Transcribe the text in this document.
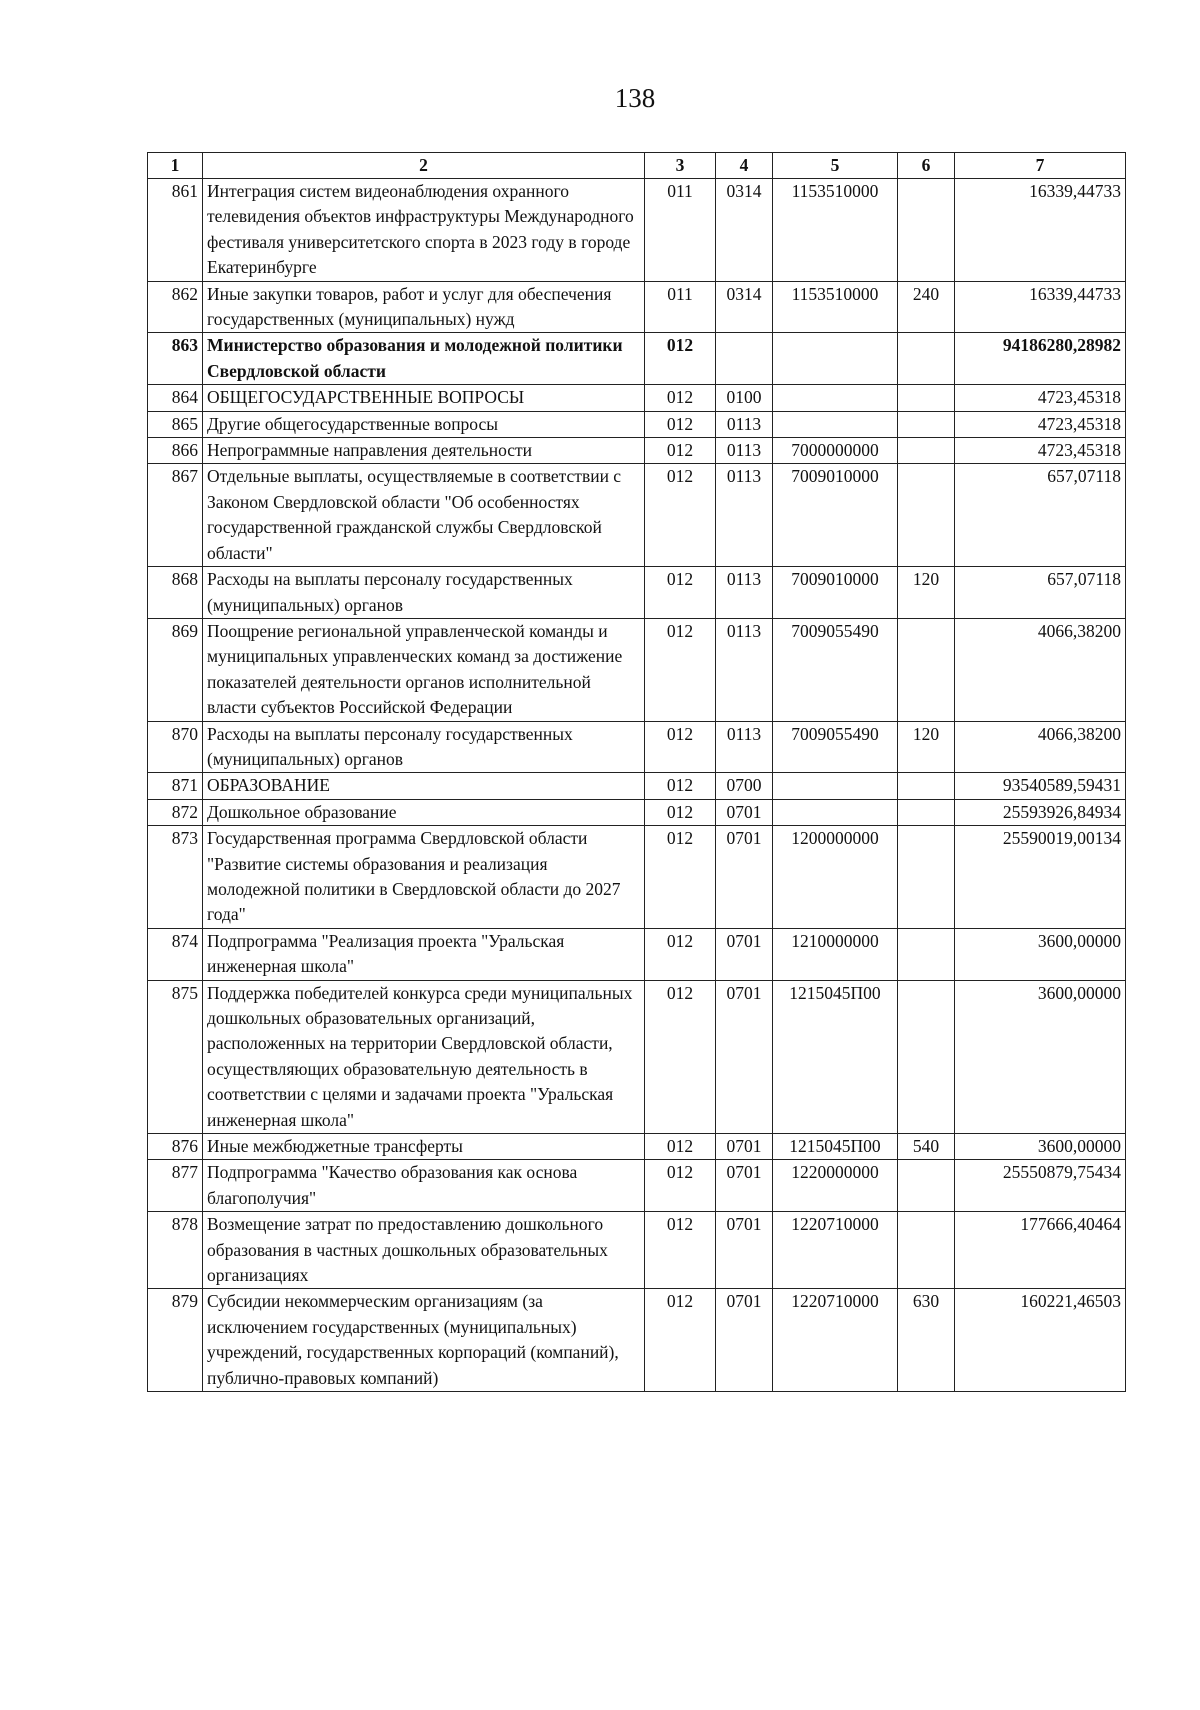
138
1	2	3	4	5	6	7
861	Интеграция систем видеонаблюдения охранного телевидения объектов инфраструктуры Международного фестиваля университетского спорта в 2023 году в городе Екатеринбурге	011	0314	1153510000		16339,44733
862	Иные закупки товаров, работ и услуг для обеспечения государственных (муниципальных) нужд	011	0314	1153510000	240	16339,44733
863	Министерство образования и молодежной политики Свердловской области	012				94186280,28982
864	ОБЩЕГОСУДАРСТВЕННЫЕ ВОПРОСЫ	012	0100			4723,45318
865	Другие общегосударственные вопросы	012	0113			4723,45318
866	Непрограммные направления деятельности	012	0113	7000000000		4723,45318
867	Отдельные выплаты, осуществляемые в соответствии с Законом Свердловской области "Об особенностях государственной гражданской службы Свердловской области"	012	0113	7009010000		657,07118
868	Расходы на выплаты персоналу государственных (муниципальных) органов	012	0113	7009010000	120	657,07118
869	Поощрение региональной управленческой команды и муниципальных управленческих команд за достижение показателей деятельности органов исполнительной власти субъектов Российской Федерации	012	0113	7009055490		4066,38200
870	Расходы на выплаты персоналу государственных (муниципальных) органов	012	0113	7009055490	120	4066,38200
871	ОБРАЗОВАНИЕ	012	0700			93540589,59431
872	Дошкольное образование	012	0701			25593926,84934
873	Государственная программа Свердловской области "Развитие системы образования и реализация молодежной политики в Свердловской области до 2027 года"	012	0701	1200000000		25590019,00134
874	Подпрограмма "Реализация проекта "Уральская инженерная школа"	012	0701	1210000000		3600,00000
875	Поддержка победителей конкурса среди муниципальных дошкольных образовательных организаций, расположенных на территории Свердловской области, осуществляющих образовательную деятельность в соответствии с целями и задачами проекта "Уральская инженерная школа"	012	0701	1215045П00		3600,00000
876	Иные межбюджетные трансферты	012	0701	1215045П00	540	3600,00000
877	Подпрограмма "Качество образования как основа благополучия"	012	0701	1220000000		25550879,75434
878	Возмещение затрат по предоставлению дошкольного образования в частных дошкольных образовательных организациях	012	0701	1220710000		177666,40464
879	Субсидии некоммерческим организациям (за исключением государственных (муниципальных) учреждений, государственных корпораций (компаний), публично-правовых компаний)	012	0701	1220710000	630	160221,46503
